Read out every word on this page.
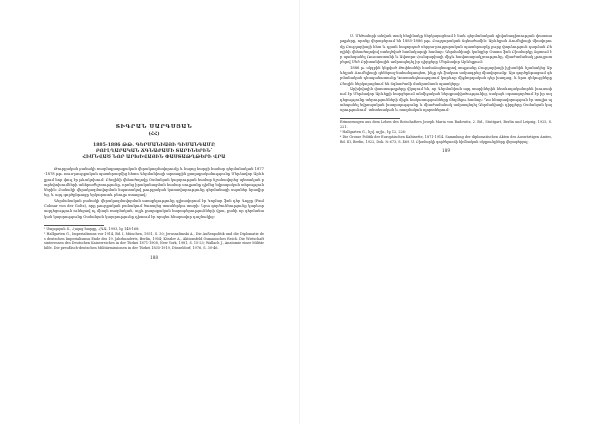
ՏԻԳՐԱՆ ՍԱՐԳՍՅԱՆ

(ՀՀ)

1885-1886 ԹԹ. ԳԵՐՄԱՆԻԱՅԻ ԴԻՄԱՆԳԱՄԸ
ԲՈՒԼՂԱՐԱԿԱՆ ՃԳՆԱԺԱՄԻ ՏԱՐԻՆԵՐԻՆ՝
ՀԻՄՆՎԱԾ ՆՈՐ ԱՐԽԻՎԱՅԻՆ ՓԱՍՏԱԹՂԹԵՐԻ ՎՐԱ

Թուրքական բանակի ռազմաքաղաքական վերակազմավորումը և հայոց հարցի համար գերմանական 1877-1878 թթ. ռուս-թուրքական պատերազմից հետո Գերմանիայի արտաքին քաղաքականությունը Մերձավոր Արևելքում նոր փուլ էր թևակոխում։ Բեռլինի վեհաժողովը Օսմանյան կայսրության համար նշանավորեց պետական բարեփոխումների անհրաժեշտությունը, որոնց իրականացման համար սուլթանը դիմեց եվրոպական տերություններին։ Բանակի վերակազմավորման նպատակով թուրքական կառավարությունը գերմանացի սպաներ հրավիրեց, և այդ գործընթացը երկարատև բնույթ ստացավ։

Գերմանական բանակի վերակազմավորման առաքելությունը գլխավորում էր Կոլմար ֆոն դեր Գոլցը (Paul Colmar von der Goltz), որը թուրքական բանակում ծառայեց տասներկու տարի։ Նրա գործունեությունը կարևոր ազդեցություն ունեցավ ոչ միայն ռազմական, այլև քաղաքական հարաբերությունների վրա, քանի որ գերմանական կայսրությունը Օսմանյան կայսրությունը դիտում էր որպես հնարավոր դաշնակից։

¹ Սարգսյան Տ., Հայոց հարցը, ՀԳԱ, 1993, էջ 148-168։

² Hallgarten G., Imperialismus vor 1914, Bd. I, München, 1951, S. 30; Jerussalimski A., Die Außenpolitik und die Diplomatie des deutschen Imperialismus Ende des 19. Jahrhunderts, Berlin, 1954; Kössler A., Aktionsfeld Osmanisches Reich. Die Wirtschaftsinteressen des Deutschen Kaiserreiches in der Türkei 1871-1908, New York, 1981, S. 15-23; Wallach J., Anatomie einer Militärhilfe. Die preußisch-deutschen Militärmissionen in der Türkei 1835-1919, Düsseldorf, 1976, S. 30-46.

188

Ս. Մեծամորի անվան տակ հեղինակը ներկայացնում է նաև գերմանական դիվանագիտության փաստաթղթերը, որոնք վերաբերում են 1885-1886 թթ. Բուլղարական ճգնաժամին։ Արևելյան Ռումելիայի միավորումը Բուլղարիայի հետ և դրան հաջորդած սերբա-բուլղարական պատերազմը լուրջ փորձություն դարձան Բեռլինի վեհաժողովով ստեղծված համակարգի համար։ Գերմանիայի կանցլեր Օտտո ֆոն Բիսմարկը ձգտում էր պահպանել Ռուսաստանի և Ավստրո-Հունգարիայի միջև հավասարակշռությունը, միաժամանակ չթույլատրելով Մեծ Բրիտանիային ամրապնդել իր դիրքերը Մերձավոր Արևելքում։

1886 թ. սկզբին կնքված Թոփհանեի համաձայնագրով սուլթանը Բուլղարիայի իշխանին նշանակեց Արևելյան Ռումելիայի գեներալ-նահանգապետ, ինչը դե ֆակտո ամրագրեց միավորումը։ Այս գործընթացում գերմանական դեսպանատունը Կոստանդնուպոլսում կարևոր միջնորդական դեր խաղաց, և նրա զեկույցները Բեռլին ներկայացնում են ճգնաժամի մանրամասն պատկերը։

Արխիվային փաստաթղթերը վկայում են, որ Գերմանիան այդ տարիներին հետևողականորեն խուսափում էր Մերձավոր Արևելքի հարցերում անմիջական ներգրավվածությունից, սակայն օգտագործում էր իր ազդեցությունը տերությունների միջև հակասությունները մեղմելու համար։ Դա հնարավորություն էր տալիս պահպանել եվրոպական խաղաղությունը և միաժամանակ ամրապնդել Գերմանիայի դիրքերը Օսմանյան կայսրությունում՝ տնտեսական և ռազմական ոլորտներում։

Erinnerungen aus dem Leben des Botschafters Joseph Maria von Radowitz, 2. Bd., Stuttgart, Berlin und Leipzig, 1925, S. 221.

³ Hallgarten G., նշվ. աշխ., էջ 12, 226։

⁴ Die Grosse Politik der Europäischen Kabinette, 1871-1914. Sammlung der diplomatischen Akten des Auswärtigen Amtes, Bd. III, Berlin, 1922, Dok. № 673, S. 469. Ս. Բիսմարկի գործելաոճի հիմնական սկզբունքները վերաբերյալ։

189
